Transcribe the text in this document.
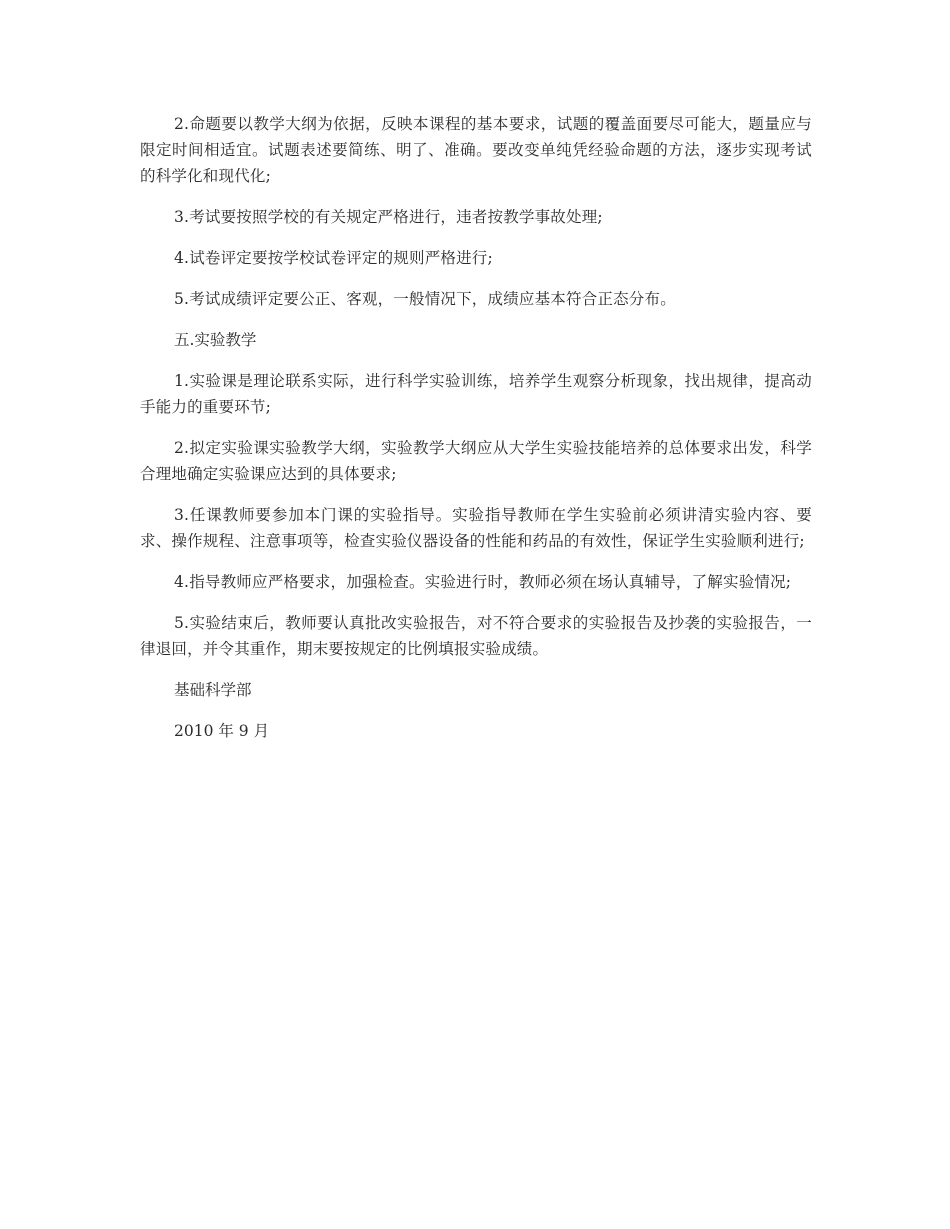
2.命题要以教学大纲为依据，反映本课程的基本要求，试题的覆盖面要尽可能大，题量应与限定时间相适宜。试题表述要简练、明了、准确。要改变单纯凭经验命题的方法，逐步实现考试的科学化和现代化;

3.考试要按照学校的有关规定严格进行，违者按教学事故处理;

4.试卷评定要按学校试卷评定的规则严格进行;

5.考试成绩评定要公正、客观，一般情况下，成绩应基本符合正态分布。

五.实验教学

1.实验课是理论联系实际，进行科学实验训练，培养学生观察分析现象，找出规律，提高动手能力的重要环节;

2.拟定实验课实验教学大纲，实验教学大纲应从大学生实验技能培养的总体要求出发，科学合理地确定实验课应达到的具体要求;

3.任课教师要参加本门课的实验指导。实验指导教师在学生实验前必须讲清实验内容、要求、操作规程、注意事项等，检查实验仪器设备的性能和药品的有效性，保证学生实验顺利进行;

4.指导教师应严格要求，加强检查。实验进行时，教师必须在场认真辅导，了解实验情况;

5.实验结束后，教师要认真批改实验报告，对不符合要求的实验报告及抄袭的实验报告，一律退回，并令其重作，期末要按规定的比例填报实验成绩。

基础科学部

2010 年 9 月
